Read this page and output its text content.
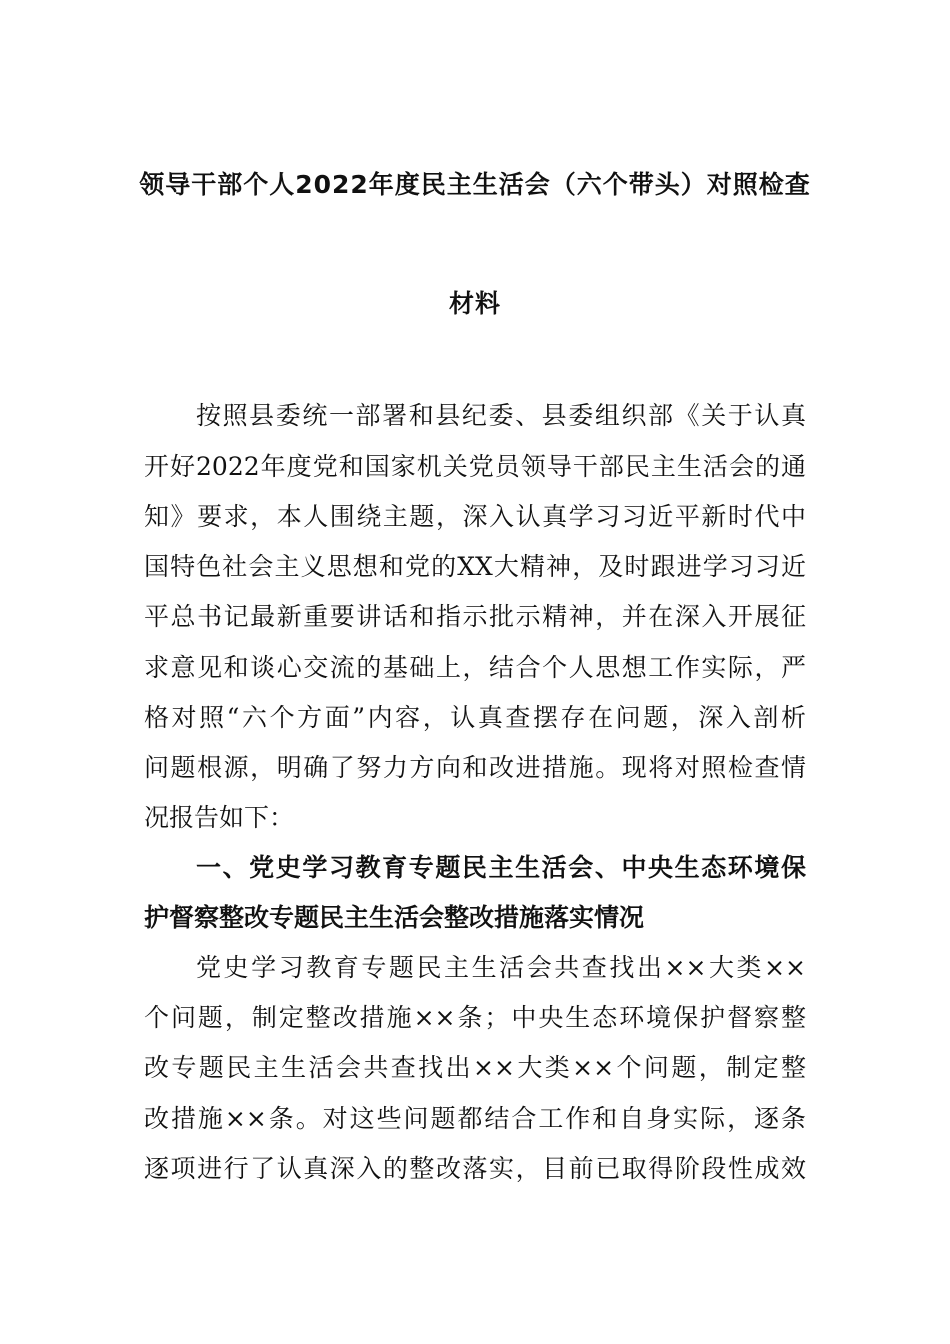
领导干部个人2022年度民主生活会（六个带头）对照检查
材料
按照县委统一部署和县纪委、县委组织部《关于认真
开好2022年度党和国家机关党员领导干部民主生活会的通
知》要求，本人围绕主题，深入认真学习习近平新时代中
国特色社会主义思想和党的XX大精神，及时跟进学习习近
平总书记最新重要讲话和指示批示精神，并在深入开展征
求意见和谈心交流的基础上，结合个人思想工作实际，严
格对照“六个方面”内容，认真查摆存在问题，深入剖析
问题根源，明确了努力方向和改进措施。现将对照检查情
况报告如下：
一、党史学习教育专题民主生活会、中央生态环境保
护督察整改专题民主生活会整改措施落实情况
党史学习教育专题民主生活会共查找出××大类××
个问题，制定整改措施××条；中央生态环境保护督察整
改专题民主生活会共查找出××大类××个问题，制定整
改措施××条。对这些问题都结合工作和自身实际，逐条
逐项进行了认真深入的整改落实，目前已取得阶段性成效
